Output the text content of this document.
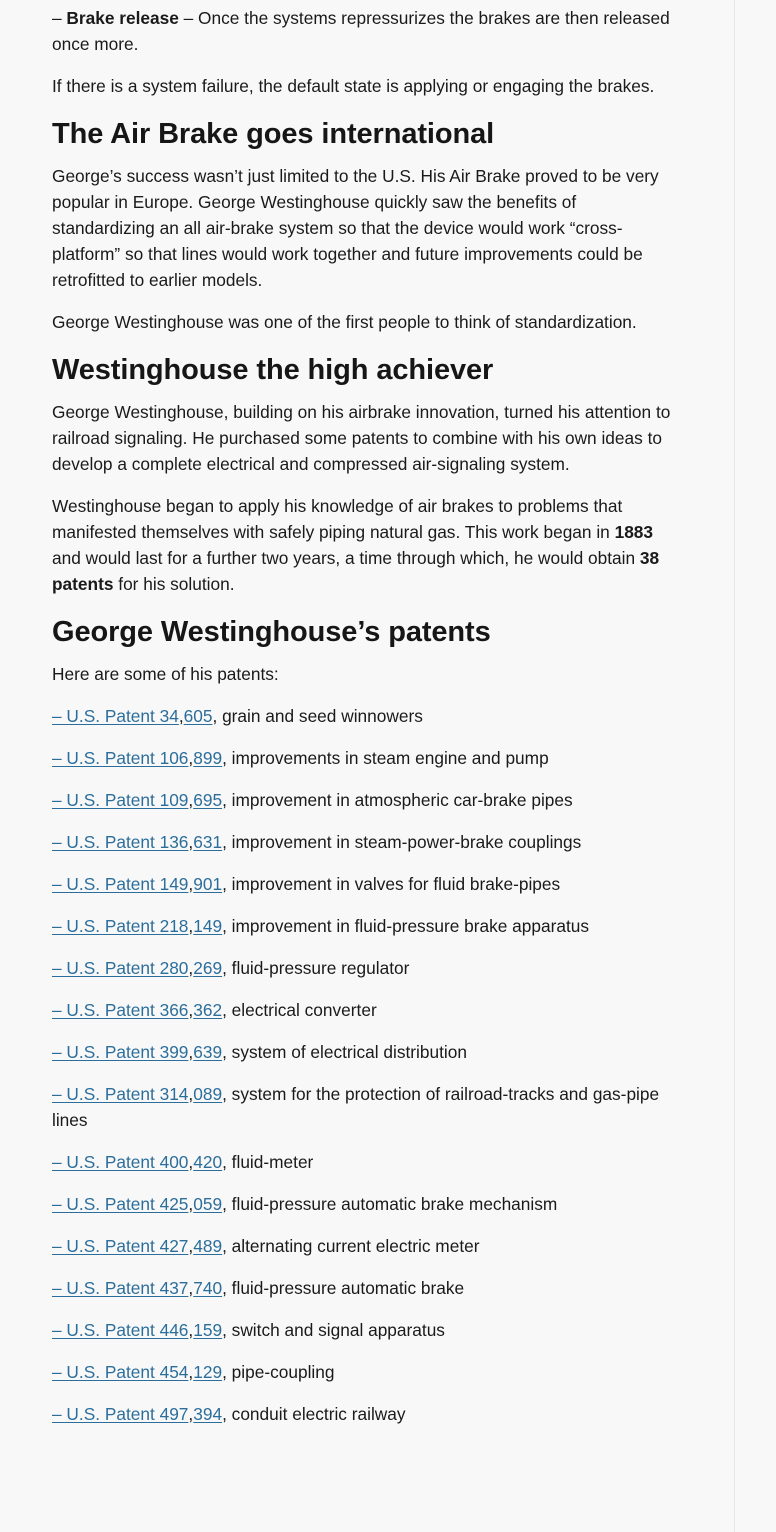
– Brake release – Once the systems repressurizes the brakes are then released once more.

If there is a system failure, the default state is applying or engaging the brakes.

The Air Brake goes international

George’s success wasn’t just limited to the U.S. His Air Brake proved to be very popular in Europe. George Westinghouse quickly saw the benefits of standardizing an all air-brake system so that the device would work “cross-platform” so that lines would work together and future improvements could be retrofitted to earlier models.

George Westinghouse was one of the first people to think of standardization.

Westinghouse the high achiever

George Westinghouse, building on his airbrake innovation, turned his attention to railroad signaling. He purchased some patents to combine with his own ideas to develop a complete electrical and compressed air-signaling system.

Westinghouse began to apply his knowledge of air brakes to problems that manifested themselves with safely piping natural gas. This work began in 1883 and would last for a further two years, a time through which, he would obtain 38 patents for his solution.

George Westinghouse’s patents

Here are some of his patents:

– U.S. Patent 34,605, grain and seed winnowers

– U.S. Patent 106,899, improvements in steam engine and pump

– U.S. Patent 109,695, improvement in atmospheric car-brake pipes

– U.S. Patent 136,631, improvement in steam-power-brake couplings

– U.S. Patent 149,901, improvement in valves for fluid brake-pipes

– U.S. Patent 218,149, improvement in fluid-pressure brake apparatus

– U.S. Patent 280,269, fluid-pressure regulator

– U.S. Patent 366,362, electrical converter

– U.S. Patent 399,639, system of electrical distribution

– U.S. Patent 314,089, system for the protection of railroad-tracks and gas-pipe lines

– U.S. Patent 400,420, fluid-meter

– U.S. Patent 425,059, fluid-pressure automatic brake mechanism

– U.S. Patent 427,489, alternating current electric meter

– U.S. Patent 437,740, fluid-pressure automatic brake

– U.S. Patent 446,159, switch and signal apparatus

– U.S. Patent 454,129, pipe-coupling

– U.S. Patent 497,394, conduit electric railway
